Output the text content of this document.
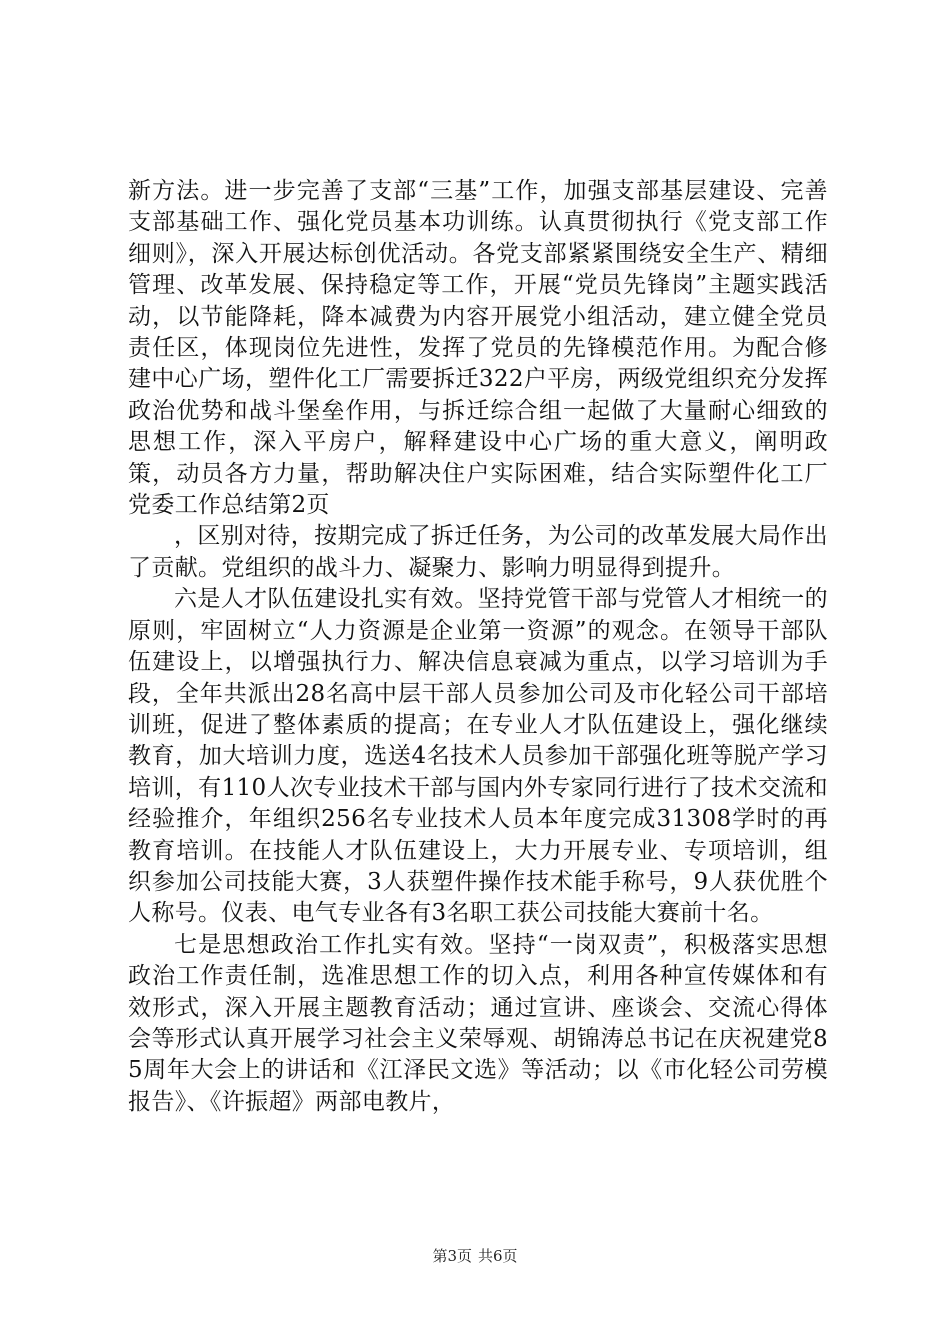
新方法。进一步完善了支部“三基”工作，加强支部基层建设、完善支部基础工作、强化党员基本功训练。认真贯彻执行《党支部工作细则》，深入开展达标创优活动。各党支部紧紧围绕安全生产、精细管理、改革发展、保持稳定等工作，开展“党员先锋岗”主题实践活动，以节能降耗，降本减费为内容开展党小组活动，建立健全党员责任区，体现岗位先进性，发挥了党员的先锋模范作用。为配合修建中心广场，塑件化工厂需要拆迁322户平房，两级党组织充分发挥政治优势和战斗堡垒作用，与拆迁综合组一起做了大量耐心细致的思想工作，深入平房户，解释建设中心广场的重大意义，阐明政策，动员各方力量，帮助解决住户实际困难，结合实际塑件化工厂党委工作总结第2页

，区别对待，按期完成了拆迁任务，为公司的改革发展大局作出了贡献。党组织的战斗力、凝聚力、影响力明显得到提升。

六是人才队伍建设扎实有效。坚持党管干部与党管人才相统一的原则，牢固树立“人力资源是企业第一资源”的观念。在领导干部队伍建设上，以增强执行力、解决信息衰减为重点，以学习培训为手段，全年共派出28名高中层干部人员参加公司及市化轻公司干部培训班，促进了整体素质的提高；在专业人才队伍建设上，强化继续教育，加大培训力度，选送4名技术人员参加干部强化班等脱产学习培训，有110人次专业技术干部与国内外专家同行进行了技术交流和经验推介，年组织256名专业技术人员本年度完成31308学时的再教育培训。在技能人才队伍建设上，大力开展专业、专项培训，组织参加公司技能大赛，3人获塑件操作技术能手称号，9人获优胜个人称号。仪表、电气专业各有3名职工获公司技能大赛前十名。

七是思想政治工作扎实有效。坚持“一岗双责”，积极落实思想政治工作责任制，选准思想工作的切入点，利用各种宣传媒体和有效形式，深入开展主题教育活动；通过宣讲、座谈会、交流心得体会等形式认真开展学习社会主义荣辱观、胡锦涛总书记在庆祝建党85周年大会上的讲话和《江泽民文选》等活动；以《市化轻公司劳模报告》、《许振超》两部电教片，

第3页 共6页
